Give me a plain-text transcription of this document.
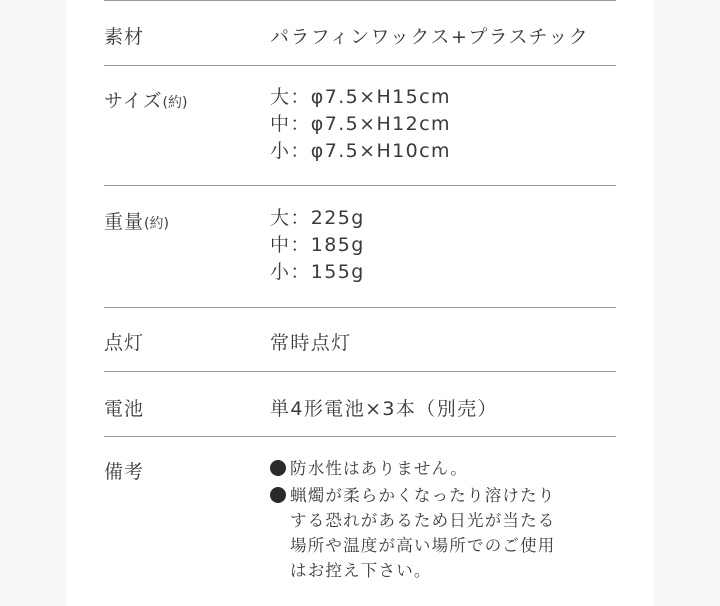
素材	パラフィンワックス+プラスチック
サイズ(約)	大：φ7.5×H15cm
中：φ7.5×H12cm
小：φ7.5×H10cm
重量(約)	大：225g
中：185g
小：155g
点灯	常時点灯
電池	単4形電池×3本（別売）
備考	防水性はありません。
蝋燭が柔らかくなったり溶けたり
する恐れがあるため日光が当たる
場所や温度が高い場所でのご使用
はお控え下さい。
